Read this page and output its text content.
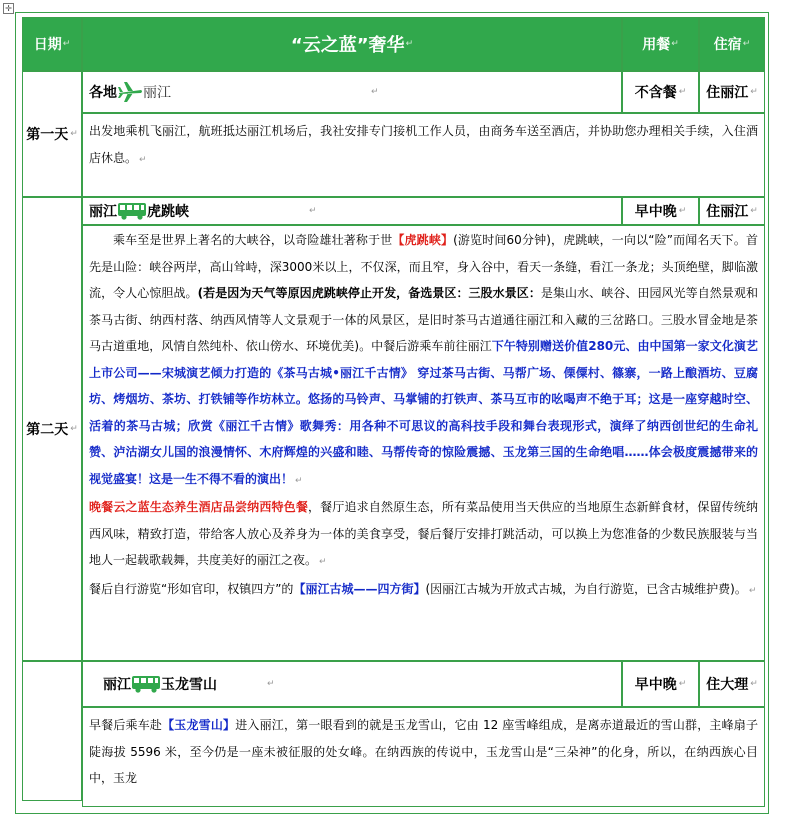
✛
日期 ↵	“云之蓝”奢华 ↵	用餐 ↵ 住宿 ↵
第一天 ↵
各地 丽江	↵	不含餐 ↵ 住丽江 ↵

出发地乘机飞丽江，航班抵达丽江机场后，我社安排专门接机工作人员，由商务车送至酒店，并协助您办理相关手续，入住酒店休息。 ↵

第二天 ↵
丽江 虎跳峡	↵	早中晚 ↵ 住丽江 ↵

乘车至是世界上著名的大峡谷，以奇险雄壮著称于世【虎跳峡】(游览时间60分钟)，虎跳峡，一向以“险”而闻名天下。首先是山险：峡谷两岸，高山耸峙，深3000米以上，不仅深，而且窄，身入谷中，看天一条缝，看江一条龙；头顶绝壁，脚临激流，令人心惊胆战。(若是因为天气等原因虎跳峡停止开发，备选景区：三股水景区：是集山水、峡谷、田园风光等自然景观和茶马古街、纳西村落、纳西风情等人文景观于一体的风景区，是旧时茶马古道通往丽江和入藏的三岔路口。三股水冒金地是茶马古道重地，风情自然纯朴、依山傍水、环境优美)。中餐后游乘车前往丽江下午特别赠送价值280元、由中国第一家文化演艺上市公司——宋城演艺倾力打造的《茶马古城•丽江千古情》 穿过茶马古街、马帮广场、傈僳村、篠寨，一路上酿酒坊、豆腐坊、烤烟坊、茶坊、打铁铺等作坊林立。悠扬的马铃声、马掌铺的打铁声、茶马互市的吆喝声不绝于耳；这是一座穿越时空、活着的茶马古城；欣赏《丽江千古情》歌舞秀：用各种不可思议的高科技手段和舞台表现形式，演绎了纳西创世纪的生命礼赞、泸沽湖女儿国的浪漫情怀、木府辉煌的兴盛和睦、马帮传奇的惊险震撼、玉龙第三国的生命绝唱……体会极度震撼带来的视觉盛宴！这是一生不得不看的演出！ ↵

晚餐云之蓝生态养生酒店品尝纳西特色餐，餐厅追求自然原生态，所有菜品使用当天供应的当地原生态新鲜食材，保留传统纳西风味，精致打造，带给客人放心及养身为一体的美食享受，餐后餐厅安排打跳活动，可以换上为您准备的少数民族服装与当地人一起载歌载舞，共度美好的丽江之夜。 ↵

餐后自行游览“形如官印，权镇四方”的【丽江古城——四方街】(因丽江古城为开放式古城，为自行游览，已含古城维护费)。 ↵

丽江 玉龙雪山	↵	早中晚 ↵ 住大理 ↵

早餐后乘车赴【玉龙雪山】进入丽江，第一眼看到的就是玉龙雪山，它由 12 座雪峰组成，是离赤道最近的雪山群，主峰扇子陡海拔 5596 米，至今仍是一座未被征服的处女峰。在纳西族的传说中，玉龙雪山是“三朵神”的化身，所以，在纳西族心目中，玉龙
